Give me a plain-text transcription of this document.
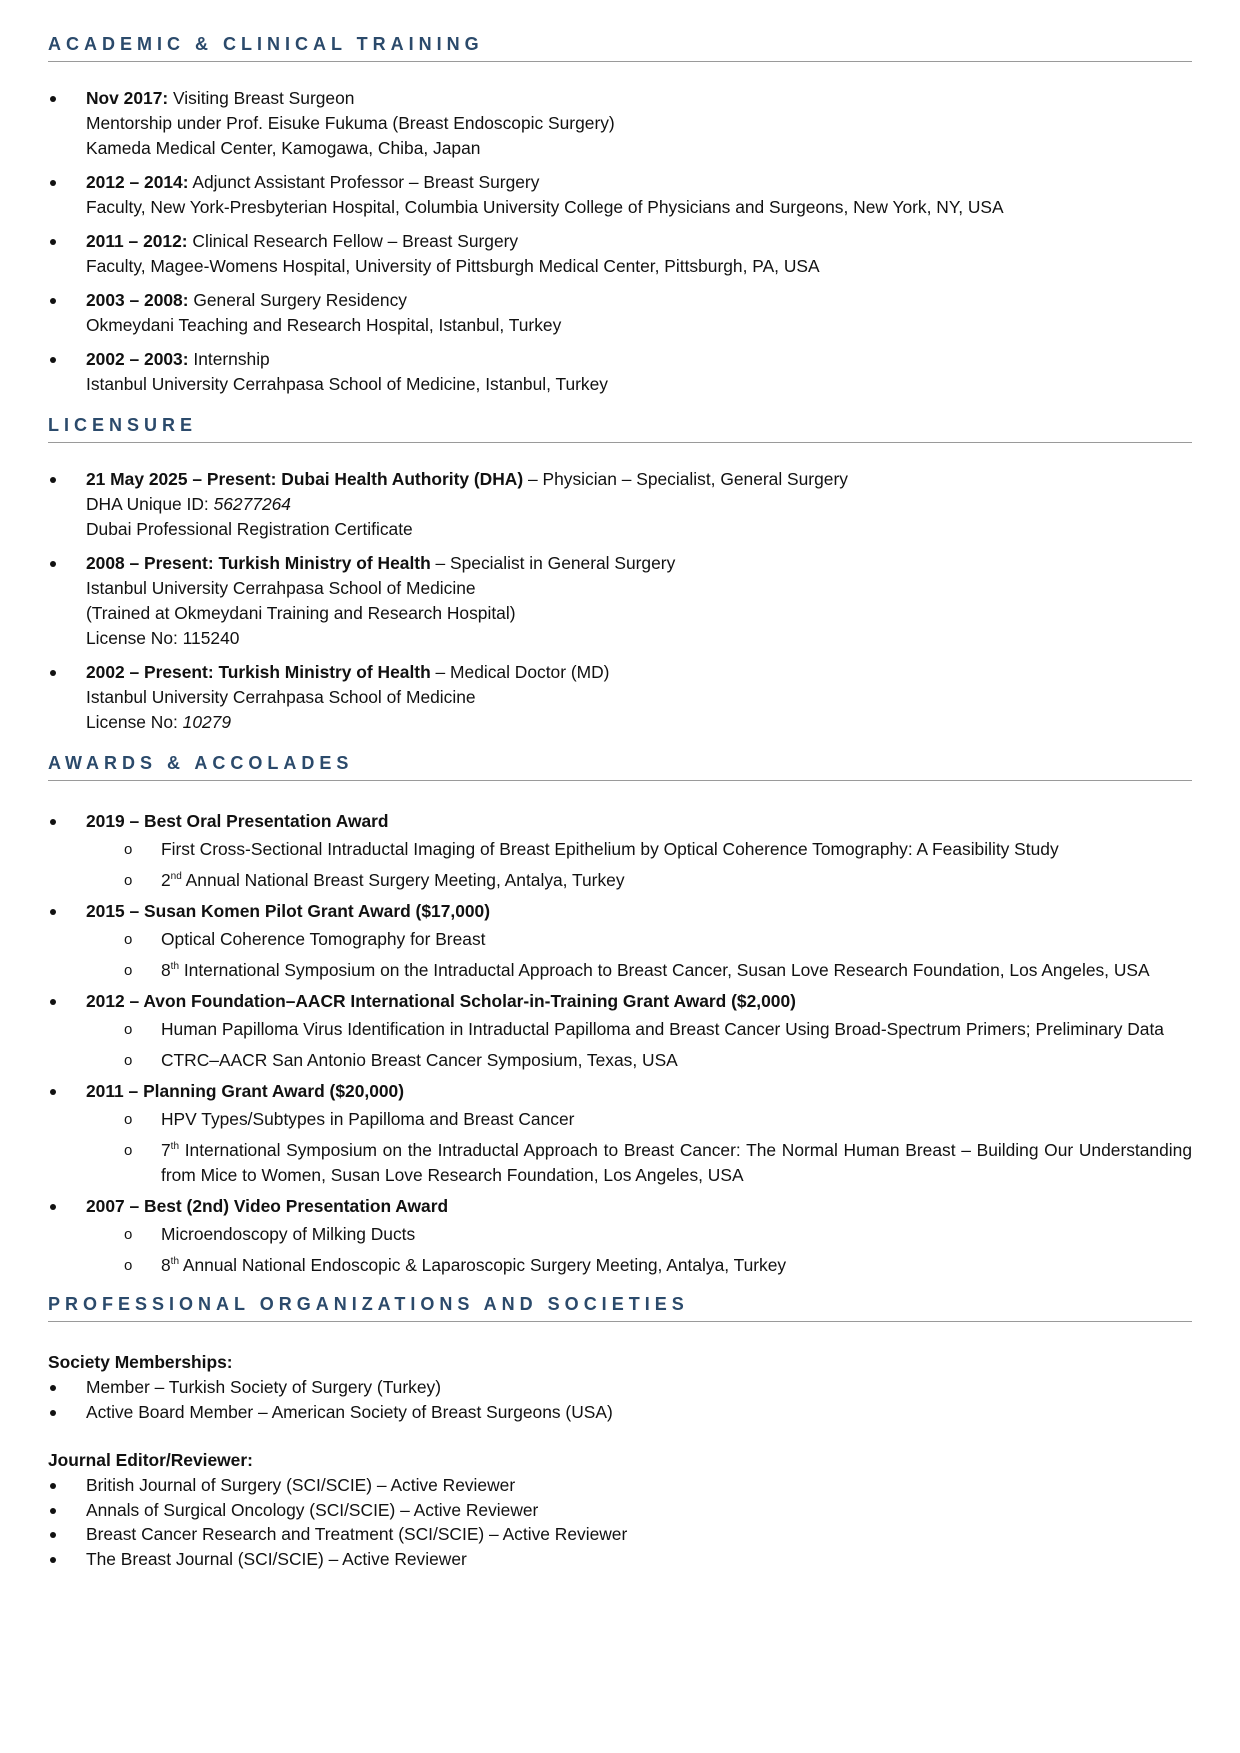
ACADEMIC & CLINICAL TRAINING
Nov 2017: Visiting Breast Surgeon
Mentorship under Prof. Eisuke Fukuma (Breast Endoscopic Surgery)
Kameda Medical Center, Kamogawa, Chiba, Japan
2012 – 2014: Adjunct Assistant Professor – Breast Surgery
Faculty, New York-Presbyterian Hospital, Columbia University College of Physicians and Surgeons, New York, NY, USA
2011 – 2012: Clinical Research Fellow – Breast Surgery
Faculty, Magee-Womens Hospital, University of Pittsburgh Medical Center, Pittsburgh, PA, USA
2003 – 2008: General Surgery Residency
Okmeydani Teaching and Research Hospital, Istanbul, Turkey
2002 – 2003: Internship
Istanbul University Cerrahpasa School of Medicine, Istanbul, Turkey
LICENSURE
21 May 2025 – Present: Dubai Health Authority (DHA) – Physician – Specialist, General Surgery
DHA Unique ID: 56277264
Dubai Professional Registration Certificate
2008 – Present: Turkish Ministry of Health – Specialist in General Surgery
Istanbul University Cerrahpasa School of Medicine
(Trained at Okmeydani Training and Research Hospital)
License No: 115240
2002 – Present: Turkish Ministry of Health – Medical Doctor (MD)
Istanbul University Cerrahpasa School of Medicine
License No: 10279
AWARDS & ACCOLADES
2019 – Best Oral Presentation Award
o First Cross-Sectional Intraductal Imaging of Breast Epithelium by Optical Coherence Tomography: A Feasibility Study
o 2nd Annual National Breast Surgery Meeting, Antalya, Turkey
2015 – Susan Komen Pilot Grant Award ($17,000)
o Optical Coherence Tomography for Breast
o 8th International Symposium on the Intraductal Approach to Breast Cancer, Susan Love Research Foundation, Los Angeles, USA
2012 – Avon Foundation–AACR International Scholar-in-Training Grant Award ($2,000)
o Human Papilloma Virus Identification in Intraductal Papilloma and Breast Cancer Using Broad-Spectrum Primers; Preliminary Data
o CTRC–AACR San Antonio Breast Cancer Symposium, Texas, USA
2011 – Planning Grant Award ($20,000)
o HPV Types/Subtypes in Papilloma and Breast Cancer
o 7th International Symposium on the Intraductal Approach to Breast Cancer: The Normal Human Breast – Building Our Understanding from Mice to Women, Susan Love Research Foundation, Los Angeles, USA
2007 – Best (2nd) Video Presentation Award
o Microendoscopy of Milking Ducts
o 8th Annual National Endoscopic & Laparoscopic Surgery Meeting, Antalya, Turkey
PROFESSIONAL ORGANIZATIONS AND SOCIETIES

Society Memberships:

Member – Turkish Society of Surgery (Turkey)
Active Board Member – American Society of Breast Surgeons (USA)

Journal Editor/Reviewer:

British Journal of Surgery (SCI/SCIE) – Active Reviewer
Annals of Surgical Oncology (SCI/SCIE) – Active Reviewer
Breast Cancer Research and Treatment (SCI/SCIE) – Active Reviewer
The Breast Journal (SCI/SCIE) – Active Reviewer
